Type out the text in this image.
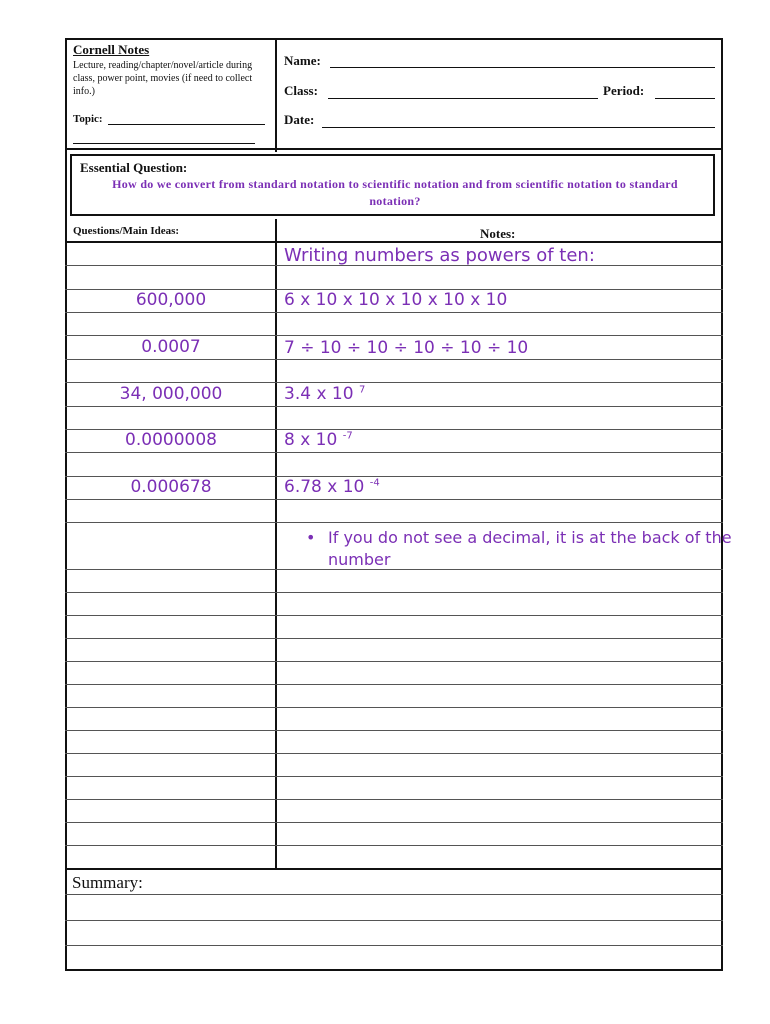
Cornell Notes
Lecture, reading/chapter/novel/article during class, power point, movies (if need to collect info.)
Topic:
Name:
Class:	Period:
Date:
Essential Question:
How do we convert from standard notation to scientific notation and from scientific notation to standard notation?
Questions/Main Ideas:	Notes:
Summary:
Writing numbers as powers of ten:
600,000	6 x 10 x 10 x 10 x 10 x 10
0.0007	7 ÷ 10 ÷ 10 ÷ 10 ÷ 10 ÷ 10
34, 000,000	3.4 x 10 $^7$
0.0000008	8 x 10 $^{-7}$
0.000678	6.78 x 10 $^{-4}$
• If you do not see a decimal, it is at the back of the number
